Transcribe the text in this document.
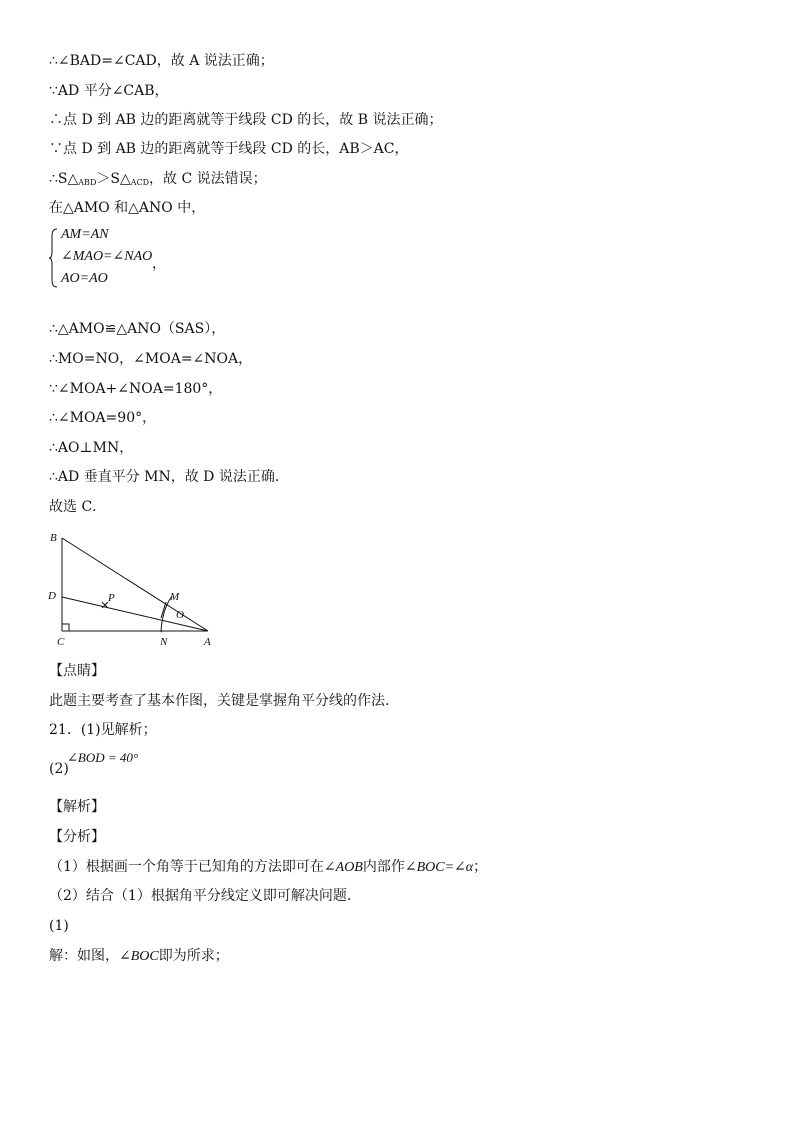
∴∠BAD=∠CAD，故 A 说法正确；
∵AD 平分∠CAB，
∴点 D 到 AB 边的距离就等于线段 CD 的长，故 B 说法正确；
∵点 D 到 AB 边的距离就等于线段 CD 的长，AB＞AC，
$\therefore S\triangle_{ABD}>S\triangle_{ACD}$，故 C 说法错误；
在△AMO 和△ANO 中，
AM=AN
∠MAO=∠NAO
AO=AO
，
∴△AMO≌△ANO（SAS），
∴MO=NO，∠MOA=∠NOA，
∵∠MOA+∠NOA=180°，
∴∠MOA=90°，
∴AO⊥MN，
∴AD 垂直平分 MN，故 D 说法正确．
故选 C．
B
D
C
P	M
O
N	A
【点睛】
此题主要考查了基本作图，关键是掌握角平分线的作法.
21．(1)见解析；
(2)
∠BOD = 40°
【解析】
【分析】
（1）根据画一个角等于已知角的方法即可在∠AOB内部作∠BOC=∠α；
（2）结合（1）根据角平分线定义即可解决问题.
(1)
解：如图，∠BOC即为所求；
